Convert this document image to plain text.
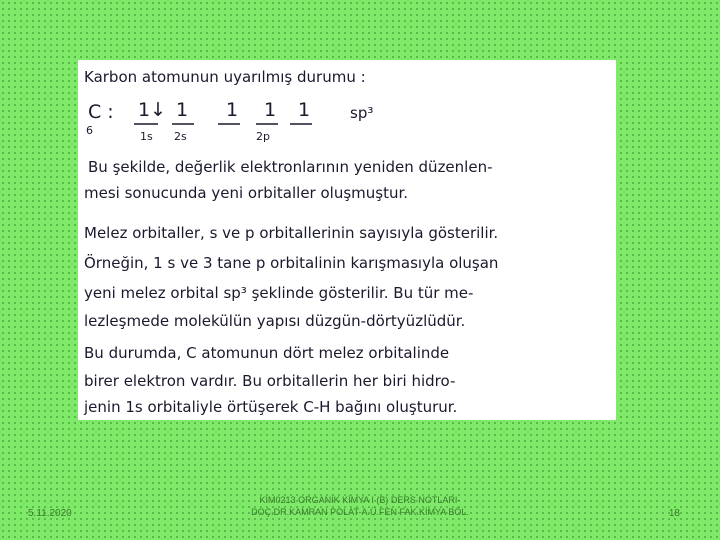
Karbon atomunun uyarılmış durumu :
C :
6
1↓
1s
1
2s
1 1 1
2p
sp³
Bu şekilde, değerlik elektronlarının yeniden düzenlen-
mesi sonucunda yeni orbitaller oluşmuştur.
Melez orbitaller, s ve p orbitallerinin sayısıyla gösterilir.
Örneğin, 1 s ve 3 tane p orbitalinin karışmasıyla oluşan
yeni melez orbital sp³ şeklinde gösterilir. Bu tür me-
lezleşmede molekülün yapısı düzgün-dörtyüzlüdür.
Bu durumda, C atomunun dört melez orbitalinde
birer elektron vardır. Bu orbitallerin her biri hidro-
jenin 1s orbitaliyle örtüşerek C-H bağını oluşturur.
5.11.2020
KİM0213 ORGANİK KİMYA I (B) DERS NOTLARI-DOÇ.DR.KAMRAN POLAT-A.Ü.FEN FAK.KİMYA BÖL.	18
